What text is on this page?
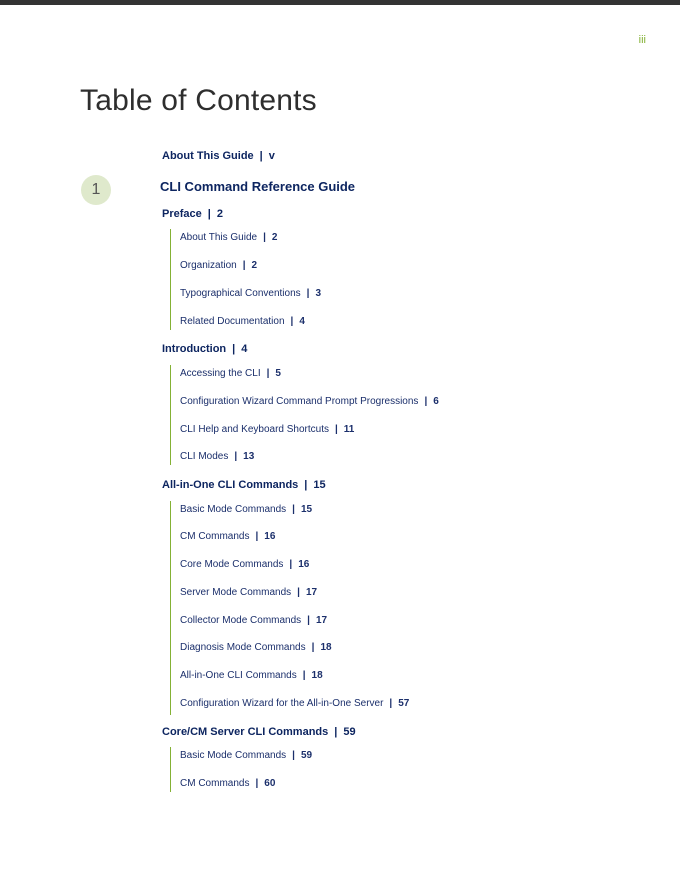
iii
Table of Contents
About This Guide | v
1	CLI Command Reference Guide
Preface | 2
About This Guide | 2
Organization | 2
Typographical Conventions | 3
Related Documentation | 4
Introduction | 4
Accessing the CLI | 5
Configuration Wizard Command Prompt Progressions | 6
CLI Help and Keyboard Shortcuts | 11
CLI Modes | 13
All-in-One CLI Commands | 15
Basic Mode Commands | 15
CM Commands | 16
Core Mode Commands | 16
Server Mode Commands | 17
Collector Mode Commands | 17
Diagnosis Mode Commands | 18
All-in-One CLI Commands | 18
Configuration Wizard for the All-in-One Server | 57
Core/CM Server CLI Commands | 59
Basic Mode Commands | 59
CM Commands | 60
